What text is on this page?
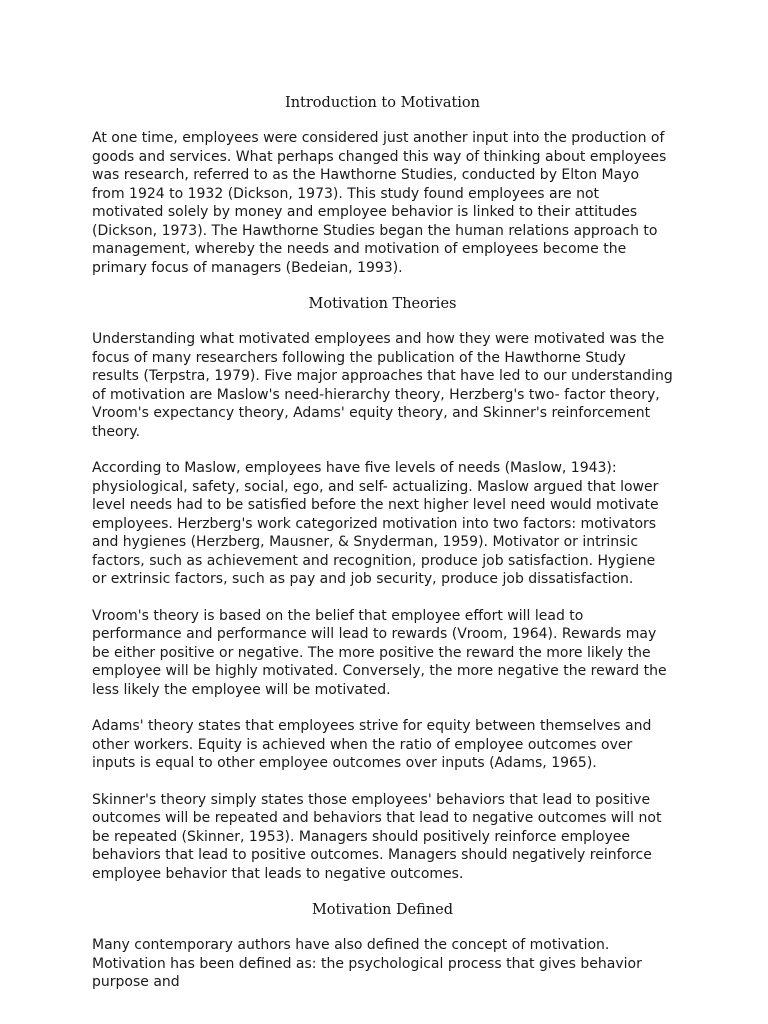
Introduction to Motivation

At one time, employees were considered just another input into the production of goods and services. What perhaps changed this way of thinking about employees was research, referred to as the Hawthorne Studies, conducted by Elton Mayo from 1924 to 1932 (Dickson, 1973). This study found employees are not motivated solely by money and employee behavior is linked to their attitudes (Dickson, 1973). The Hawthorne Studies began the human relations approach to management, whereby the needs and motivation of employees become the primary focus of managers (Bedeian, 1993).

Motivation Theories

Understanding what motivated employees and how they were motivated was the focus of many researchers following the publication of the Hawthorne Study results (Terpstra, 1979). Five major approaches that have led to our understanding of motivation are Maslow's need-hierarchy theory, Herzberg's two- factor theory, Vroom's expectancy theory, Adams' equity theory, and Skinner's reinforcement theory.

According to Maslow, employees have five levels of needs (Maslow, 1943): physiological, safety, social, ego, and self- actualizing. Maslow argued that lower level needs had to be satisfied before the next higher level need would motivate employees. Herzberg's work categorized motivation into two factors: motivators and hygienes (Herzberg, Mausner, & Snyderman, 1959). Motivator or intrinsic factors, such as achievement and recognition, produce job satisfaction. Hygiene or extrinsic factors, such as pay and job security, produce job dissatisfaction.

Vroom's theory is based on the belief that employee effort will lead to performance and performance will lead to rewards (Vroom, 1964). Rewards may be either positive or negative. The more positive the reward the more likely the employee will be highly motivated. Conversely, the more negative the reward the less likely the employee will be motivated.

Adams' theory states that employees strive for equity between themselves and other workers. Equity is achieved when the ratio of employee outcomes over inputs is equal to other employee outcomes over inputs (Adams, 1965).

Skinner's theory simply states those employees' behaviors that lead to positive outcomes will be repeated and behaviors that lead to negative outcomes will not be repeated (Skinner, 1953). Managers should positively reinforce employee behaviors that lead to positive outcomes. Managers should negatively reinforce employee behavior that leads to negative outcomes.

Motivation Defined

Many contemporary authors have also defined the concept of motivation. Motivation has been defined as: the psychological process that gives behavior purpose and
